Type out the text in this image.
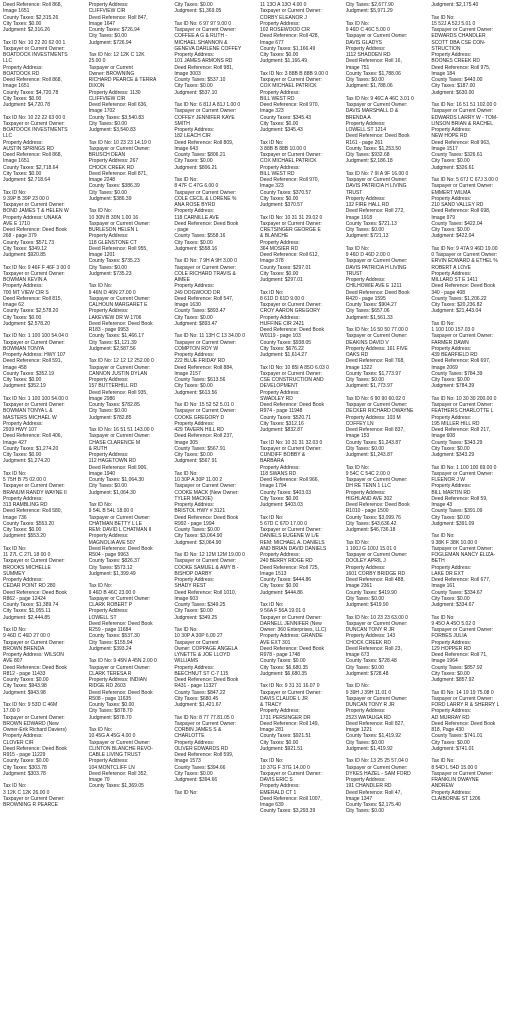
Deed Reference: Roll 868,
Image 1651
County Taxes: $2,315.26
City Taxes: $0.00
Judgment: $2,316.26
Tax ID No: 10 22 20 62 00 1
Taxpayer or Current Owner:
BOATDOCK INVESTMENTS
LLC
Property Address:
BOATDOCK RD
Deed Reference: Roll 868,
Image 1651
County Taxes: $4,720.78
City Taxes: $0.00
Judgment: $4,720.78
Tax ID No: 10 22 22 63 00 0
Taxpayer or Current Owner:
BOATDOCK INVESTMENTS
LLC
Property Address:
AUSTIN SPRINGS RD
Deed Reference: Roll 868,
Image 1651
County Taxes: $2,718.64
City Taxes: $0.00
Judgment: $2,718.64
Tax ID No:
9 39P B 39P 23 00 0
Taxpayer or Current Owner:
BOND JAMES T & HELEN W
Property Address: UNAKA
AVE E 1710
Deed Reference: Deed Book
268 - page 379
County Taxes: $571.73
City Taxes: $349.12
Judgment: $920.85
Tax ID No: 9 46F F 46F 3 00 0
Taxpayer or Current Owner:
BOWMAN KEVIN A
Property Address:
700 MT VIEW CIR S
Deed Reference: Roll 815,
Image 62
County Taxes: $2,578.20
City Taxes: $0.00
Judgment: $2,578.20
Tax ID No: 1 100 100 54.04 0
Taxpayer or Current Owner:
BOWMAN TONYA
Property Address: HWY 107
Deed Reference: Roll 591,
Image 458
County Taxes: $352.19
City Taxes: $0.00
Judgment: $352.19
Tax ID No: 1 100 100 54.00 0
Taxpayer or Current Owner:
BOWMAN TONYA L &
MASTERS MICHAEL W
Property Address:
2939 HWY 107
Deed Reference: Roll 406,
Image 427
County Taxes: $1,274.20
City Taxes: $0.00
Judgment: $1,274.20
Tax ID No:
5 75H B 75 02.00 0
Taxpayer or Current Owner:
BRANUM RANDY WAYNE II
Property Address:
313 RAMBLING RD
Deed Reference: Roll 580,
Image 736
County Taxes: $553.20
City Taxes: $0.00
Judgment: $553.20
Tax ID No:
11 27L C 27L 18 00 0
Taxpayer or Current Owner:
BROOKS MICHELLE
SUMMEY
Property Address:
CEDAR POINT RD 280
Deed Reference: Deed Book
R862 - page 12424
County Taxes: $1,389.74
City Taxes: $1,055.11
Judgment: $2,444.85
Tax ID No:
9 46D C 46D 27 00 0
Taxpayer or Current Owner:
BROWN BRENDA
Property Address: WILSON
AVE 807
Deed Reference: Deed Book
R812 - page 11433
County Taxes: $0.00
City Taxes: $943.98
Judgment: $943.98
Tax ID No: 9 53D C 46M
17.00 0
Taxpayer or Current Owner:
BROWN EDWARD (New
Owner-Erik Richard Daviers)
Property Address:
CLOVER CIR
Deed Reference: Deed Book
R915 - page 11229
County Taxes: $0.00
City Taxes: $303.78
Judgment: $303.78
Tax ID No:
3 12K C 12K 26.00 0
Taxpayer or Current Owner:
BROWNING R PEARCE
Property Address:
CLIFFVIEW CIR
Deed Reference: Roll 847,
Image 1647
County Taxes: $726.94
City Taxes: $0.00
Judgment: $726.94
Tax ID No: 12 12K C 12K
25.00 0
Taxpayer or Current
Owner: BROWNING
RICHARD PEARCE & TERRA
DIXON
Property Address: 1130
CLIFFVIEW CIR
Deed Reference: Roll 636,
Image 1702
County Taxes: $3,540.83
City Taxes: $0.00
Judgment: $3,540.83
Tax ID No: 10 23 23 14.19 0
Taxpayer or Current Owner:
BRUSCH DEAN
Property Address: 267
CHOCK CREEK RD
Deed Reference: Roll 871,
Image 2248
County Taxes: $386.39
City Taxes: $0.00
Judgment: $386.39
Tax ID No:
10 30N B 30N 1.00 16
Taxpayer or Current Owner:
BURLESON HELEN L
Property Address:
118 GLENSTONE CT
Deed Reference: Roll 955,
Image 1201
County Taxes: $735.23
City Taxes: $0.00
Judgment: $735.23
Tax ID No:
9 46N D 46N 27.00 0
Taxpayer or Current Owner:
CALHOUN MARGARET E
Property Address:
LAKEVIEW DR W 1706
Deed Reference: Deed Book
R183 - page 9953
County Taxes: $1,466.17
City Taxes: $1,121.39
Judgment: $2,587.56
Tax ID No: 12 12 12 252.00 0
Taxpayer or Current Owner:
CANNON JUSTIN DYLAN
Property Address:
157 BUTTERHILL RD
Deed Reference: Roll 935,
Image 2986
County Taxes: $782.85
City Taxes: $0.00
Judgment: $782.85
Tax ID No: 16 51 51 143.00 0
Taxpayer or Current Owner:
CHASE CLARENCE M
& RUTH
Property Address:
112 HAGETOWN RD
Deed Reference: Roll 906,
Image 1940
County Taxes: $1,064.30
City Taxes: $0.00
Judgment: $1,064.30
Tax ID No:
9 54L B 54L 18.00 0
Taxpayer or Current Owner:
CHATMAN BETTY L LE
REM: DAVID L CHATMAN II
Property Address:
MAGNOLIA AVE 507
Deed Reference: Deed Book
R504 - page 9963
County Taxes: $826.37
City Taxes: $573.12
Judgment: $1,399.49
Tax ID No:
9 46D B 46C 23.00 0
Taxpayer or Current Owner:
CLARK ROBERT P
Property Address:
LOWELL ST
Deed Reference: Deed Book
R259 - page 11684
County Taxes: $537.30
City Taxes: $155.94
Judgment: $393.24
Tax ID No: 9 45N A 45N 2.00 0
Taxpayer or Current Owner:
CLARK TERESA R
Property Address: INDIAN
RIDGE RD 2603
Deed Reference: Deed Book
R508 - page 11635
County Taxes: $0.00
City Taxes: $878.70
Judgment: $878.70
Tax ID No:
10 45G A 45G 4.00 0
Taxpayer or Current Owner:
CLINTON BLANCHE REVO-
CABLE LIVING TRUST
Property Address:
104 MONTCLIFF LN
Deed Reference: Roll 352,
Image 70
County Taxes: $1,369.05
City Taxes: $0.00
Judgment: $1,369.05
Tax ID No: 6 97 97 9.00 0
Taxpayer or Current Owner:
COFFEE A G & RUTH -
MICHAEL SHANNON &
GENEVA DARLENE COFFEY
Property Address:
101 JAMES ARMONS RD
Deed Reference: Roll 981,
Image 3003
County Taxes: $537.10
City Taxes: $0.00
Judgment: $537.10
Tax ID No: 6 81J A 81J 1.00 0
Taxpayer or Current Owner:
COFFEY JENNIFER KAYE
SMITH
Property Address:
182 LEACH CIR
Deed Reference: Roll 809,
Image 643
County Taxes: $806.21
City Taxes: $0.00
Judgment: $806.21
Tax ID No:
8 47F C 47G 6.00 0
Taxpayer or Current Owner:
COLE CECIL & LORENE %
ANA ROSE BYRD
Property Address:
118 CARNILLE AVE
Deed Reference: Deed Book
- page
County Taxes: $558.16
City Taxes: $0.00
Judgment: $558.16
Tax ID No: 7 9H A 9H 3.00 0
Taxpayer or Current Owner:
COLE RICHARD TRAVIS &
AIMEE
Property Address:
249 DOGWOOD DR
Deed Reference: Roll 547,
Image 1630
County Taxes: $893.47
City Taxes: $0.00
Judgment: $893.47
Tax ID No: 11 13H C 13 34.00 0
Taxpayer or Current Owner:
COMPTON ROY W
Property Address:
222 BLUE FRIDAY RD
Deed Reference: Roll 884,
Image 2157
County Taxes: $613.56
City Taxes: $0.00
Judgment: $613.56
Tax ID No: 15 52 52 5.01 0
Taxpayer or Current Owner:
COOKE GREGORY D
Property Address:
429 TAVERN HILL RD
Deed Reference: Roll 237,
Image 305
County Taxes: $567.91
City Taxes: $0.00
Judgment: $567.91
Tax ID No:
10 30P A 30P 11.00 2
Taxpayer or Current Owner:
COOKE MACK (New Owner:
TYLER MACKIE)
Property Address:
BRISTOL HWY # 3121
Deed Reference: Deed Book
R992 - page 1994
County Taxes: $0.00
City Taxes: $3,064.90
Judgment: $3,064.90
Tax ID No: 12 12M 12M 19.00 0
Taxpayer or Current Owner:
COOKE SAMUEL & AMY B -
BISHOP DARBY
Property Address:
SHADY REST
Deed Reference: Roll 1010,
Image 603
County Taxes: $349.25
City Taxes: $0.00
Judgment: $349.25
Tax ID No:
10 30P A 30P 6.00 27
Taxpayer or Current
Owner: COPPAGE ANGELA
LYNETTE & JOE LLOYD
WILLIAMS
Property Address:
BEECHNUT ST C-7 115
Deed Reference: Deed Book
R431 - page 11327
County Taxes: $847.22
City Taxes: $680.45
Judgment: $1,421.67
Tax ID No: 8 77 77.81.05 0
Taxpayer or Current Owner:
CORBIN JAMES S &
CHARLOTTE
Property Address:
OLIVER EDWARDS RD
Deed Reference: Roll 599,
Image 1573
County Taxes: $394.66
City Taxes: $0.00
Judgment: $394.66
Tax ID No:
11 13O A 13O 4.00 0
Taxpayer or Current Owner:
CORBY ELEANOR J
Property Address:
102 ROSEWOOD CIR
Deed Reference: Roll 428,
Image 677
County Taxes: $1,166.49
City Taxes: $0.00
Judgment: $1,166.49
Tax ID No: 3 88B B 88B 9.00 0
Taxpayer or Current Owner:
COX MICHAEL PATRICK
Property Address:
BILL WEST RD
Deed Reference: Roll 970,
Image 323
County Taxes: $345.43
City Taxes: $0.00
Judgment: $345.43
Tax ID No:
3 88B B 88B 10.00 0
Taxpayer or Current Owner:
COX MICHAEL PATRICK
Property Address:
BILL WEST RD
Deed Reference: Roll 970,
Image 323
County Taxes: $370.57
City Taxes: $0.00
Judgment: $370.57
Tax ID No: 10 31 31 29.02 0
Taxpayer or Current Owner:
CRETSINGER GEORGE E
& BLANCHE
Property Address:
364 MOSIER RD
Deed Reference: Roll 612,
Image 378
County Taxes: $297.01
City Taxes: $0.00
Judgment: $297.01
Tax ID No:
8 61D D 61D 9.00 0
Taxpayer or Current Owner:
CROY AARON GREGORY
Property Address:
HUFFINE CIR 2421
Deed Reference: Deed Book
W0119 - page 103
County Taxes: $938.05
City Taxes: $676.22
Judgment: $1,614.27
Tax ID No: 10 85I A 85O 6.03 0
Taxpayer or Current Owner:
CSE CONSTRUCTION AND
DEVELOPMENT
Property Address:
SWADLEY RD
Deed Reference: Deed Book
R974 - page 11948
County Taxes: $520.71
City Taxes: $312.16
Judgment: $832.87
Tax ID No: 10 31 31 32.03 0
Taxpayer or Current Owner:
CUNDIFF BOBBY &
BARBARA
Property Address:
118 SWANS RD
Deed Reference: Roll 966,
Image 1794
County Taxes: $403.03
City Taxes: $0.00
Judgment: $403.03
Tax ID No:
5 67D C 67D 17.00 0
Taxpayer or Current Owner:
DANIELS EUGENE W L/E
REM: MICHAEL A. DANIELS
AND BRIAN DAVID DANIELS
Property Address:
240 BERRY RIDGE RD
Deed Reference: Roll 725,
Image 1513
County Taxes: $444.86
City Taxes: $0.00
Judgment: $444.86
Tax ID No:
9 56A F 56A 19.01 0
Taxpayer or Current Owner:
DARNELL JENNIFER (New
Owner: 360 Enterprises, LLC)
Property Address: GRANDE
AVE EXT 301
Deed Reference: Deed Book
R978 - page 1748
County Taxes: $0.00
City Taxes: $6,680.35
Judgment: $6,680.35
Tax ID No: 9 31 31 16.07 0
Taxpayer or Current Owner:
DAVIS CLAUDE L JR
& TRACY
Property Address:
1731 PERSINGER DR
Deed Reference: Roll 149,
Image 281
County Taxes: $921.51
City Taxes: $0.00
Judgment: $921.51
Tax ID No:
10 37G F 37G 14.00 0
Taxpayer or Current Owner:
DAVIS ERIC S
Property Address:
EMERALD CT 1
Deed Reference: Roll 1007,
Image 639
County Taxes: $3,293.39
City Taxes: $2,677.90
Judgment: $5,971.29
Tax ID No:
9 46D C 46C 5.00 0
Taxpayer or Current Owner:
DAVIS GLADYS
Property Address:
1112 SHADDEN RD
Deed Reference: Roll 16,
Image 751
County Taxes: $1,788.06
City Taxes: $0.00
Judgment: $1,788.06
Tax ID No: 9 46C A 46C 3.01 0
Taxpayer or Current Owner:
DAVIS MARSHALL D &
BRENDA A
Property Address:
LOWELL ST 1214
Deed Reference: Deed Book
R161 - page 261
County Taxes: $1,253.50
City Taxes: $932.68
Judgment: $2,186.18
Tax ID No: 7 9I A 9F 16.00 0
Taxpayer or Current Owner:
DAVIS PATRICIA H LIVING
TRUST
Property Address:
132 FIRE HALL RD
Deed Reference: Roll 272,
Image 1918
County Taxes: $721.13
City Taxes: $0.00
Judgment: $721.13
Tax ID No:
9 46D D 46D 2.00 0
Taxpayer or Current Owner:
DAVIS PATRICIA H LIVING
TRUST
Property Address:
CHILHOWIE AVE E 1211
Deed Reference: Deed Book
R420 - page 1595
County Taxes: $904.27
City Taxes: $657.06
Judgment: $1,561.33
Tax ID No: 16 50 50 77.00 0
Taxpayer or Current Owner:
DEAKINS DAVID V
Property Address: 161 FIVE
OAKS RD
Deed Reference: Roll 768,
Image 1322
County Taxes: $1,773.97
City Taxes: $0.00
Judgment: $1,773.97
Tax ID No: 6 90 90 60.02 0
Taxpayer or Current Owner:
DECKER RICHARD DWAYNE
Property Address: 103 M
COFFEY LN
Deed Reference: Roll 837,
Image 153
County Taxes: $1,243.87
City Taxes: $0.00
Judgment: $1,243.87
Tax ID No:
9 54C C 54C 2.00 0
Taxpayer or Current Owner:
DH RE TENN 1 LLC
Property Address:
HIGHLAND AVE 302
Deed Reference: Deed Book
R1010 - page 1500
County Taxes: $3,099.76
City Taxes: $43,636.42
Judgment: $46,736.18
Tax ID No:
1 100J G 100J 15.01 0
Taxpayer or Current Owner:
DOOLEY APRIL J
Property Address:
1601 CORBY BRIDGE RD
Deed Reference: Roll 488,
Image 2361
County Taxes: $419.90
City Taxes: $0.00
Judgment: $419.90
Tax ID No: 10 23 23 63.00 0
Taxpayer or Current Owner:
DUNCAN TONY R JR
Property Address: 143
CHOCK CREEK RD
Deed Reference: Roll 23,
Image 673
County Taxes: $728.48
City Taxes: $0.00
Judgment: $728.48
Tax ID No:
9 39H J 39H 11.01 0
Taxpayer or Current Owner:
DUNCAN TONY R JR
Property Address:
2523 WATAUGA RD
Deed Reference: Roll 827,
Image 1221
County Taxes: $1,419.92
City Taxes: $0.00
Judgment: $1,419.92
Tax ID No: 13 25 25 57.04 0
Taxpayer or Current Owner:
DYKES HAZEL - SAM FORD
Property Address:
191 CHANDLER RD
Deed Reference: Roll 47,
Image 1347
County Taxes: $2,175.40
City Taxes: $0.00
Judgment: $2,175.40
Tax ID No:
15 52J A 52J 5.01 0
Taxpayer or Current Owner:
EDWARDS CHANDLER
SCOTT DBA CSE CON-
STRUCTION
Property Address:
BOONES CREEK RD
Deed Reference: Roll 975,
Image 184
County Taxes: $443.00
City Taxes: $187.00
Judgment: $630.00
Tax ID No: 16 51 51 102.00 0
Taxpayer or Current Owner:
EDWARDS LARRY W - TOM-
LINSON BRIAN & RACHEL
Property Address:
NEW HOPE RD
Deed Reference: Roll 963,
Image 1517
County Taxes: $326.61
City Taxes: $0.00
Judgment: $326.61
Tax ID No: 5 67J C 67J 3.00 0
Taxpayer or Current Owner:
EMMERT WILMA
Property Address:
210 SAND VALLEY RD
Deed Reference: Roll 698,
Image 979
County Taxes: $422.04
City Taxes: $0.00
Judgment: $422.04
Tax ID No: 9 47A 9 46D 19.00
0 Taxpayer or Current Owner:
ERVIN EDWARD & ETHEL %
ROBERT A LOVE
Property Address:
MILLARD ST E 1411
Deed Reference: Deed Book
340 - page 408
County Taxes: $1,206.22
City Taxes: $20,236.82
Judgment: $21,443.04
Tax ID No:
1 100 100 157.03 0
Taxpayer or Current Owner:
FARMER DAWN
Property Address:
439 BEARFIELD RD
Deed Reference: Roll 697,
Image 2069
County Taxes: $784.39
City Taxes: $0.00
Judgment: $784.39
Tax ID No: 10 30 30 200.00 0
Taxpayer or Current Owner:
FEATHERS CHARLOTTE L
Property Address:
195 MILLER HILL RD
Deed Reference: Roll 217,
Image 608
County Taxes: $343.29
City Taxes: $0.00
Judgment: $343.29
Tax ID No: 1 100 100 69.00 0
Taxpayer or Current Owner:
FLEENOR J W
Property Address:
BILL MARTIN RD
Deed Reference: Roll 59,
Image 43
County Taxes: $391.09
City Taxes: $0.00
Judgment: $391.09
Tax ID No:
9 38K F 38K 10.00 0
Taxpayer or Current Owner:
FOGLEMAN NANCY ELIZA-
BETH
Property Address:
LAKE DR EXT
Deed Reference: Roll 677,
Image 161
County Taxes: $334.67
City Taxes: $0.00
Judgment: $334.67
Tax ID No:
9 45O A 45O 5.02 0
Taxpayer or Current Owner:
FORBES JULIA
Property Address:
129 HOPPER RD
Deed Reference: Roll 71,
Image 1964
County Taxes: $857.92
City Taxes: $0.00
Judgment: $857.92
Tax ID No: 14 19 19 75.08 0
Taxpayer or Current Owner:
FORD LARRY R & SHERRY L
Property Address:
AD MURRAY RD
Deed Reference: Deed Book
818, Page 430
County Taxes: $741.01
City Taxes: $0.00
Judgment: $741.01
Tax ID No:
8 54D L 54D 15.00 0
Taxpayer or Current Owner:
FRANKLIN DWAYNE
ANDREW
Property Address:
CLAIBORNE ST 1206
